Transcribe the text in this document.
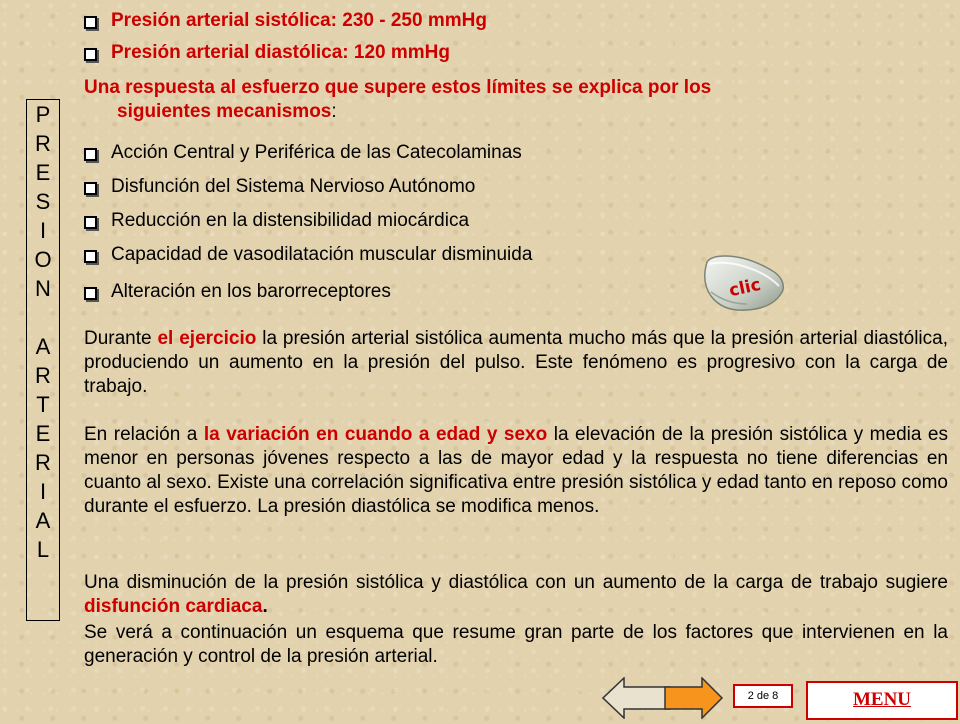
P
R
E
S
I
O
N
A
R
T
E
R
I
A
L
Presión arterial sistólica: 230 - 250 mmHg
Presión arterial diastólica: 120 mmHg
Una respuesta al esfuerzo que supere estos límites se explica por los
siguientes mecanismos:
Acción Central y Periférica de las Catecolaminas
Disfunción del Sistema Nervioso Autónomo
Reducción en la distensibilidad miocárdica
Capacidad de vasodilatación muscular disminuida
Alteración en los barorreceptores	clic
Durante el ejercicio la presión arterial sistólica aumenta mucho más que la presión arterial diastólica, produciendo un aumento en la presión del pulso. Este fenómeno es progresivo con la carga de trabajo.
En relación a la variación en cuando a edad y sexo la elevación de la presión sistólica y media es menor en personas jóvenes respecto a las de mayor edad y la respuesta no tiene diferencias en cuanto al sexo. Existe una correlación significativa entre presión sistólica y edad tanto en reposo como durante el esfuerzo. La presión diastólica se modifica menos.
Una disminución de la presión sistólica y diastólica con un aumento de la carga de trabajo sugiere disfunción cardiaca.
Se verá a continuación un esquema que resume gran parte de los factores que intervienen en la generación y control de la presión arterial.
2 de 8	MENU
